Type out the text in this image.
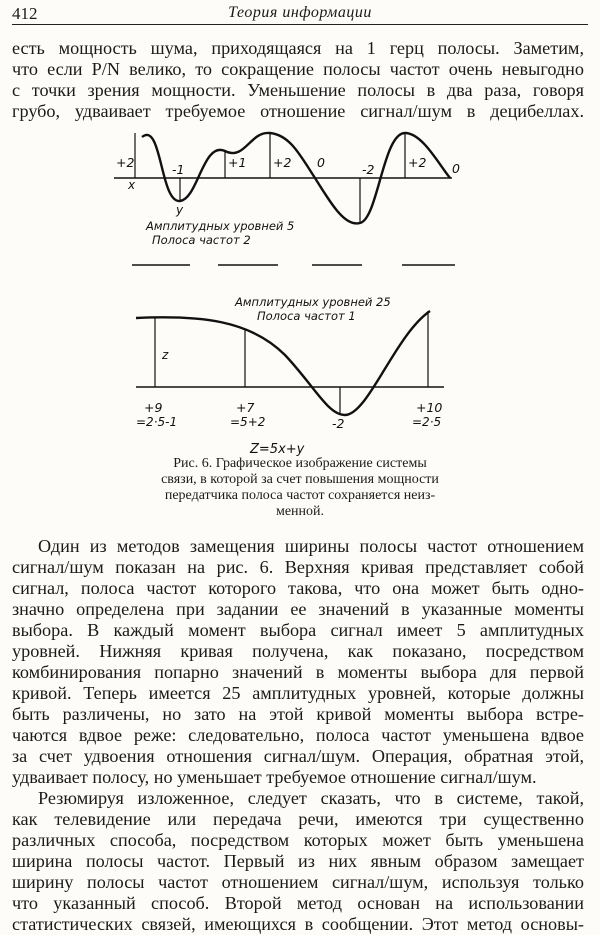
412	Теория информации
есть мощность шума, приходящаяся на 1 герц полосы. Заметим,
что если P/N велико, то сокращение полосы частот очень невыгодно
с точки зрения мощности. Уменьшение полосы в два раза, говоря
грубо, удваивает требуемое отношение сигнал/шум в децибеллах.
+2	-1	+1 +2 0	-2	+2 0
x
y
Амплитудных уровней 5
Полоса частот 2
Амплитудных уровней 25
Полоса частот 1
z
+9	+7
-2
+10
=2·5-1	=5+2	=2·5
Z=5x+y
Рис. 6. Графическое изображение системы
связи, в которой за счет повышения мощности
передатчика полоса частот сохраняется неиз-
менной.
Один из методов замещения ширины полосы частот отношением
сигнал/шум показан на рис. 6. Верхняя кривая представляет собой
сигнал, полоса частот которого такова, что она может быть одно-
значно определена при задании ее значений в указанные моменты
выбора. В каждый момент выбора сигнал имеет 5 амплитудных
уровней. Нижняя кривая получена, как показано, посредством
комбинирования попарно значений в моменты выбора для первой
кривой. Теперь имеется 25 амплитудных уровней, которые должны
быть различены, но зато на этой кривой моменты выбора встре-
чаются вдвое реже: следовательно, полоса частот уменьшена вдвое
за счет удвоения отношения сигнал/шум. Операция, обратная этой,
удваивает полосу, но уменьшает требуемое отношение сигнал/шум.
Резюмируя изложенное, следует сказать, что в системе, такой,
как телевидение или передача речи, имеются три существенно
различных способа, посредством которых может быть уменьшена
ширина полосы частот. Первый из них явным образом замещает
ширину полосы частот отношением сигнал/шум, используя только
что указанный способ. Второй метод основан на использовании
статистических связей, имеющихся в сообщении. Этот метод основы-
